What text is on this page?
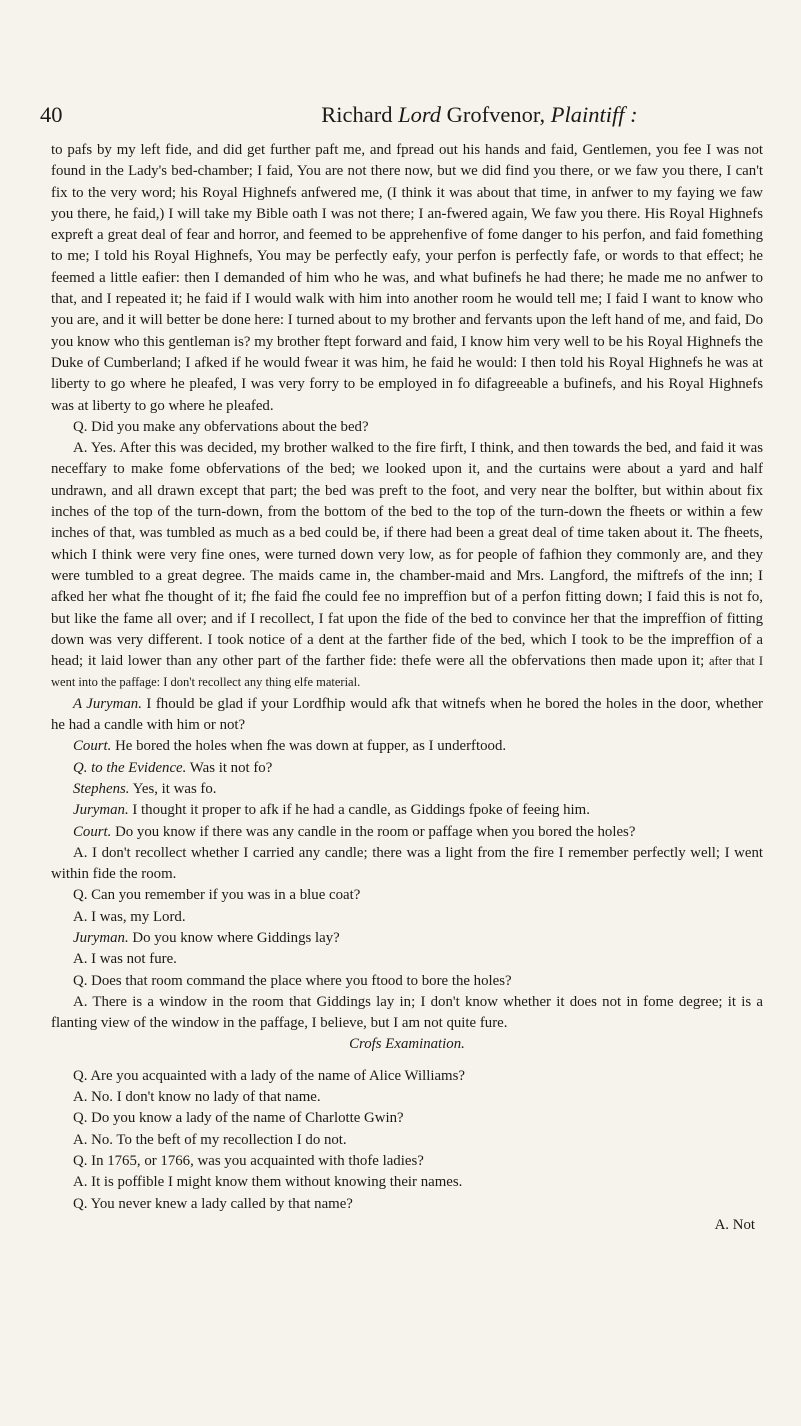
40	Richard Lord Grofvenor, Plaintiff :

to pafs by my left fide, and did get further paft me, and fpread out his hands and faid, Gentlemen, you fee I was not found in the Lady's bed-chamber; I faid, You are not there now, but we did find you there, or we faw you there, I can't fix to the very word; his Royal Highnefs anfwered me, (I think it was about that time, in anfwer to my faying we faw you there, he faid,) I will take my Bible oath I was not there; I an-fwered again, We faw you there. His Royal Highnefs expreft a great deal of fear and horror, and feemed to be apprehenfive of fome danger to his perfon, and faid fomething to me; I told his Royal Highnefs, You may be perfectly eafy, your perfon is perfectly fafe, or words to that effect; he feemed a little eafier: then I demanded of him who he was, and what bufinefs he had there; he made me no anfwer to that, and I repeated it; he faid if I would walk with him into another room he would tell me; I faid I want to know who you are, and it will better be done here: I turned about to my brother and fervants upon the left hand of me, and faid, Do you know who this gentleman is? my brother ftept forward and faid, I know him very well to be his Royal Highnefs the Duke of Cumberland; I afked if he would fwear it was him, he faid he would: I then told his Royal Highnefs he was at liberty to go where he pleafed, I was very forry to be employed in fo difagreeable a bufinefs, and his Royal Highnefs was at liberty to go where he pleafed.

Q. Did you make any obfervations about the bed?

A. Yes. After this was decided, my brother walked to the fire firft, I think, and then towards the bed, and faid it was neceffary to make fome obfervations of the bed; we looked upon it, and the curtains were about a yard and half undrawn, and all drawn except that part; the bed was preft to the foot, and very near the bolfter, but within about fix inches of the top of the turn-down, from the bottom of the bed to the top of the turn-down the fheets or within a few inches of that, was tumbled as much as a bed could be, if there had been a great deal of time taken about it. The fheets, which I think were very fine ones, were turned down very low, as for people of fafhion they commonly are, and they were tumbled to a great degree. The maids came in, the chamber-maid and Mrs. Langford, the miftrefs of the inn; I afked her what fhe thought of it; fhe faid fhe could fee no impreffion but of a perfon fitting down; I faid this is not fo, but like the fame all over; and if I recollect, I fat upon the fide of the bed to convince her that the impreffion of fitting down was very different. I took notice of a dent at the farther fide of the bed, which I took to be the impreffion of a head; it laid lower than any other part of the farther fide: thefe were all the obfervations then made upon it; after that I went into the paffage: I don't recollect any thing elfe material.

A Juryman. I fhould be glad if your Lordfhip would afk that witnefs when he bored the holes in the door, whether he had a candle with him or not?

Court. He bored the holes when fhe was down at fupper, as I underftood.

Q. to the Evidence. Was it not fo?

Stephens. Yes, it was fo.

Juryman. I thought it proper to afk if he had a candle, as Giddings fpoke of feeing him.

Court. Do you know if there was any candle in the room or paffage when you bored the holes?

A. I don't recollect whether I carried any candle; there was a light from the fire I remember perfectly well; I went within fide the room.

Q. Can you remember if you was in a blue coat?

A. I was, my Lord.

Juryman. Do you know where Giddings lay?

A. I was not fure.

Q. Does that room command the place where you ftood to bore the holes?

A. There is a window in the room that Giddings lay in; I don't know whether it does not in fome degree; it is a flanting view of the window in the paffage, I believe, but I am not quite fure.

Crofs Examination.

Q. Are you acquainted with a lady of the name of Alice Williams?

A. No. I don't know no lady of that name.

Q. Do you know a lady of the name of Charlotte Gwin?

A. No. To the beft of my recollection I do not.

Q. In 1765, or 1766, was you acquainted with thofe ladies?

A. It is poffible I might know them without knowing their names.

Q. You never knew a lady called by that name?

A. Not
